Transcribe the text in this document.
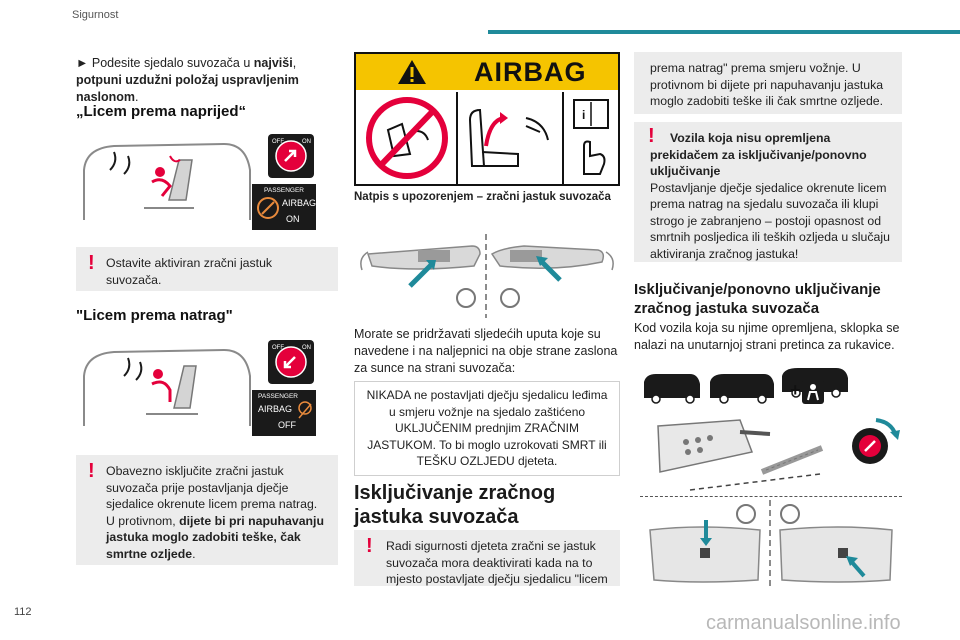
Sigurnost
112
► Podesite sjedalo suvozača u najviši, potpuni uzdužni položaj uspravljenim naslonom.
„Licem prema naprijed“
OFF	ON
PASSENGER
AIRBAG
ON
! Ostavite aktiviran zračni jastuk suvozača.
"Licem prema natrag"
OFF	ON
PASSENGER
AIRBAG
OFF
! Obavezno isključite zračni jastuk suvozača prije postavljanja dječje sjedalice okrenute licem prema natrag. U protivnom, dijete bi pri napuhavanju jastuka moglo zadobiti teške, čak smrtne ozljede.
AIRBAG
i
Natpis s upozorenjem – zračni jastuk suvozača
Morate se pridržavati sljedećih uputa koje su navedene i na naljepnici na obje strane zaslona za sunce na strani suvozača:
NIKADA ne postavljati dječju sjedalicu leđima u smjeru vožnje na sjedalo zaštićeno UKLJUČENIM prednjim ZRAČNIM JASTUKOM. To bi moglo uzrokovati SMRT ili TEŠKU OZLJEDU djeteta.
Isključivanje zračnog jastuka suvozača
! Radi sigurnosti djeteta zračni se jastuk suvozača mora deaktivirati kada na to mjesto postavljate dječju sjedalicu "licem
prema natrag" prema smjeru vožnje. U protivnom bi dijete pri napuhavanju jastuka moglo zadobiti teške ili čak smrtne ozljede.
!	Vozila koja nisu opremljena prekidačem za isključivanje/ponovno uključivanje
Postavljanje dječje sjedalice okrenute licem prema natrag na sjedalu suvozača ili klupi strogo je zabranjeno – postoji opasnost od smrtnih posljedica ili teških ozljeda u slučaju aktiviranja zračnog jastuka!
Isključivanje/ponovno uključivanje zračnog jastuka suvozača
Kod vozila koja su njime opremljena, sklopka se nalazi na unutarnjoj strani pretinca za rukavice.
+
carmanualsonline.info
